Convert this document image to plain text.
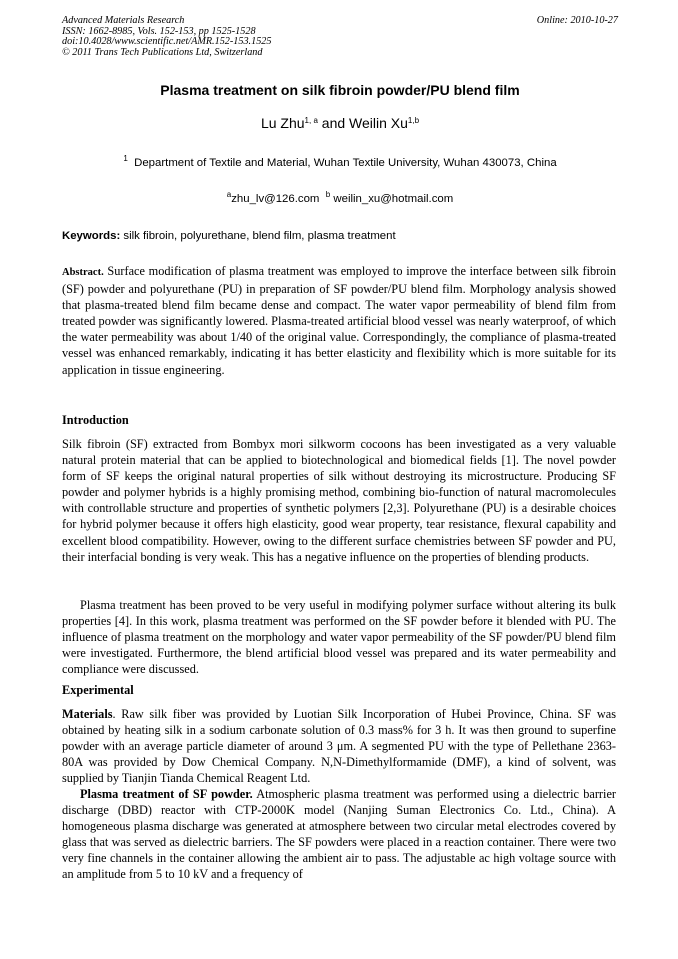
Advanced Materials Research
ISSN: 1662-8985, Vols. 152-153, pp 1525-1528
doi:10.4028/www.scientific.net/AMR.152-153.1525
© 2011 Trans Tech Publications Ltd, Switzerland
Online: 2010-10-27
Plasma treatment on silk fibroin powder/PU blend film
Lu Zhu$^{1, a}$ and Weilin Xu$^{1,b}$
$^1$ Department of Textile and Material, Wuhan Textile University, Wuhan 430073, China
$^a$zhu_lv@126.com $^b$ weilin_xu@hotmail.com
Keywords: silk fibroin, polyurethane, blend film, plasma treatment

Abstract. Surface modification of plasma treatment was employed to improve the interface between silk fibroin (SF) powder and polyurethane (PU) in preparation of SF powder/PU blend film. Morphology analysis showed that plasma-treated blend film became dense and compact. The water vapor permeability of blend film from treated powder was significantly lowered. Plasma-treated artificial blood vessel was nearly waterproof, of which the water permeability was about 1/40 of the original value. Correspondingly, the compliance of plasma-treated vessel was enhanced remarkably, indicating it has better elasticity and flexibility which is more suitable for its application in tissue engineering.

Introduction

Silk fibroin (SF) extracted from Bombyx mori silkworm cocoons has been investigated as a very valuable natural protein material that can be applied to biotechnological and biomedical fields [1]. The novel powder form of SF keeps the original natural properties of silk without destroying its microstructure. Producing SF powder and polymer hybrids is a highly promising method, combining bio-function of natural macromolecules with controllable structure and properties of synthetic polymers [2,3]. Polyurethane (PU) is a desirable choices for hybrid polymer because it offers high elasticity, good wear property, tear resistance, flexural capability and excellent blood compatibility. However, owing to the different surface chemistries between SF powder and PU, their interfacial bonding is very weak. This has a negative influence on the properties of blending products.

Plasma treatment has been proved to be very useful in modifying polymer surface without altering its bulk properties [4]. In this work, plasma treatment was performed on the SF powder before it blended with PU. The influence of plasma treatment on the morphology and water vapor permeability of the SF powder/PU blend film were investigated. Furthermore, the blend artificial blood vessel was prepared and its water permeability and compliance were discussed.

Experimental

Materials. Raw silk fiber was provided by Luotian Silk Incorporation of Hubei Province, China. SF was obtained by heating silk in a sodium carbonate solution of 0.3 mass% for 3 h. It was then ground to superfine powder with an average particle diameter of around 3 μm. A segmented PU with the type of Pellethane 2363-80A was provided by Dow Chemical Company. N,N-Dimethylformamide (DMF), a kind of solvent, was supplied by Tianjin Tianda Chemical Reagent Ltd.

Plasma treatment of SF powder. Atmospheric plasma treatment was performed using a dielectric barrier discharge (DBD) reactor with CTP-2000K model (Nanjing Suman Electronics Co. Ltd., China). A homogeneous plasma discharge was generated at atmosphere between two circular metal electrodes covered by glass that was served as dielectric barriers. The SF powders were placed in a reaction container. There were two very fine channels in the container allowing the ambient air to pass. The adjustable ac high voltage source with an amplitude from 5 to 10 kV and a frequency of
